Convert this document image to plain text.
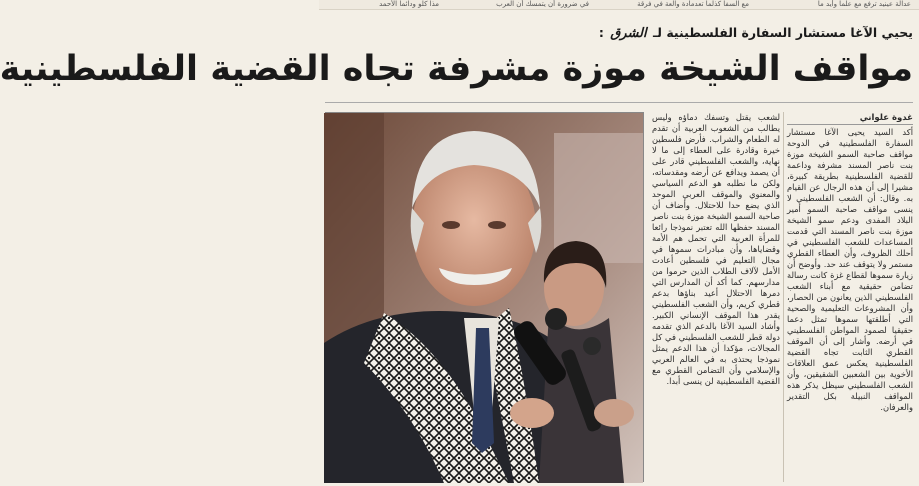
عدالة عينيد ترفع مع علما وأيد ما
مع السفا كذلما تعدمادة والعة في فرقة
في ضرورة أن يتمسك أن العرب
مذا كلو ودائما الأحمد
يحيي الآغا مستشار السفارة الفلسطينية لـ الشرق :
مواقف الشيخة موزة مشرفة تجاه القضية الفلسطينية

لشعب يقتل وتسفك دماؤه وليس يطالب من الشعوب العربية أن تقدم له الطعام والشراب. فأرض فلسطين خيرة وقادرة على العطاء إلى ما لا نهاية، والشعب الفلسطيني قادر على أن يصمد ويدافع عن أرضه ومقدساته، ولكن ما نطلبه هو الدعم السياسي والمعنوي والموقف العربي الموحد الذي يضع حدا للاحتلال. وأضاف أن صاحبة السمو الشيخة موزة بنت ناصر المسند حفظها الله تعتبر نموذجا رائعا للمرأة العربية التي تحمل هم الأمة وقضاياها، وأن مبادرات سموها في مجال التعليم في فلسطين أعادت الأمل لآلاف الطلاب الذين حرموا من مدارسهم. كما أكد أن المدارس التي دمرها الاحتلال أعيد بناؤها بدعم قطري كريم، وأن الشعب الفلسطيني يقدر هذا الموقف الإنساني الكبير. وأشاد السيد الآغا بالدعم الذي تقدمه دولة قطر للشعب الفلسطيني في كل المجالات، مؤكدا أن هذا الدعم يمثل نموذجا يحتذى به في العالم العربي والإسلامي وأن التضامن القطري مع القضية الفلسطينية لن ينسى أبدا.

غدوة علواني

أكد السيد يحيى الآغا مستشار السفارة الفلسطينية في الدوحة مواقف صاحبة السمو الشيخة موزة بنت ناصر المسند مشرفة وداعمة للقضية الفلسطينية بطريقة كبيرة، مشيرا إلى أن هذه الرجال عن القيام به. وقال: أن الشعب الفلسطيني لا ينسى مواقف صاحبة السمو أمير البلاد المفدى ودعم سمو الشيخة موزة بنت ناصر المسند التي قدمت المساعدات للشعب الفلسطيني في أحلك الظروف، وأن العطاء القطري مستمر ولا يتوقف عند حد. وأوضح أن زيارة سموها لقطاع غزة كانت رسالة تضامن حقيقية مع أبناء الشعب الفلسطيني الذين يعانون من الحصار، وأن المشروعات التعليمية والصحية التي أطلقتها سموها تمثل دعما حقيقيا لصمود المواطن الفلسطيني في أرضه. وأشار إلى أن الموقف القطري الثابت تجاه القضية الفلسطينية يعكس عمق العلاقات الأخوية بين الشعبين الشقيقين، وأن الشعب الفلسطيني سيظل يذكر هذه المواقف النبيلة بكل التقدير والعرفان.
